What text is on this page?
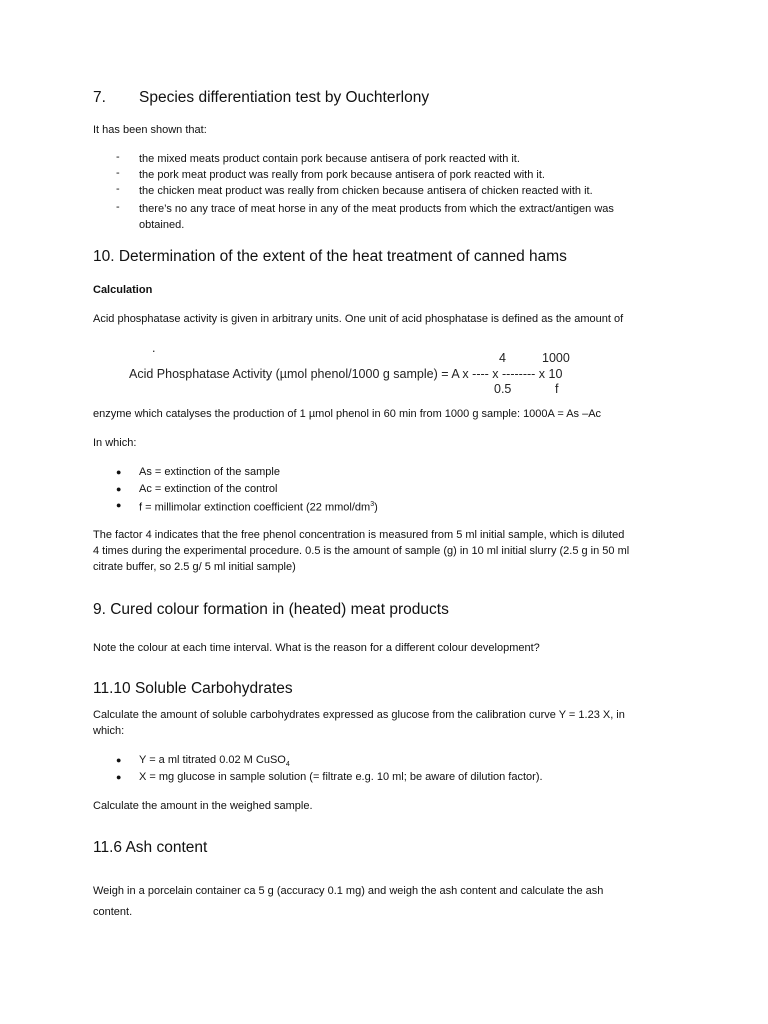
7. Species differentiation test by Ouchterlony
It has been shown that:
- the mixed meats product contain pork because antisera of pork reacted with it.
- the pork meat product was really from pork because antisera of pork reacted with it.
- the chicken meat product was really from chicken because antisera of chicken reacted with it.
- there’s no any trace of meat horse in any of the meat products from which the extract/antigen was
obtained.
10. Determination of the extent of the heat treatment of canned hams
Calculation
Acid phosphatase activity is given in arbitrary units. One unit of acid phosphatase is defined as the amount of
.
4	1000
Acid Phosphatase Activity (µmol phenol/1000 g sample) = A x ---- x -------- x 10
0.5	f
enzyme which catalyses the production of 1 µmol phenol in 60 min from 1000 g sample: 1000A = As –Ac
In which:
● As = extinction of the sample
● Ac = extinction of the control
● f = millimolar extinction coefficient (22 mmol/$dm^3$)
The factor 4 indicates that the free phenol concentration is measured from 5 ml initial sample, which is diluted
4 times during the experimental procedure. 0.5 is the amount of sample (g) in 10 ml initial slurry (2.5 g in 50 ml
citrate buffer, so 2.5 g/ 5 ml initial sample)
9. Cured colour formation in (heated) meat products
Note the colour at each time interval. What is the reason for a different colour development?
11.10 Soluble Carbohydrates
Calculate the amount of soluble carbohydrates expressed as glucose from the calibration curve Y = 1.23 X, in
which:
● Y = a ml titrated 0.02 M CuSO$_4$
● X = mg glucose in sample solution (= filtrate e.g. 10 ml; be aware of dilution factor).
Calculate the amount in the weighed sample.
11.6 Ash content
Weigh in a porcelain container ca 5 g (accuracy 0.1 mg) and weigh the ash content and calculate the ash
content.
